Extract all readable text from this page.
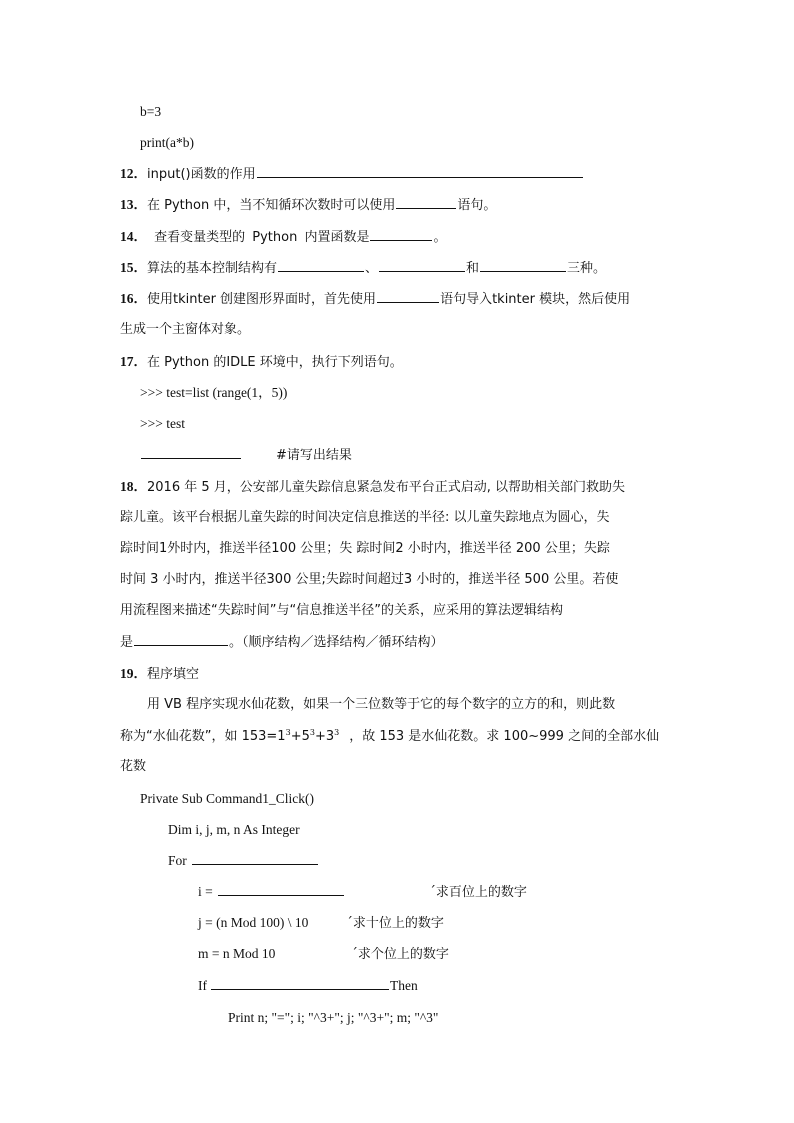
b=3
print(a*b)
12．input()函数的作用
13．在 Python 中，当不知循环次数时可以使用	语句。
14． 查看变量类型的 Python 内置函数是	。
15．算法的基本控制结构有	、	和	三种。
16．使用tkinter 创建图形界面时，首先使用	语句导入tkinter 模块，然后使用
生成一个主窗体对象。
17．在 Python 的IDLE 环境中，执行下列语句。
>>> test=list (range(1，5))
>>> test
#请写出结果
18．2016 年 5 月，公安部儿童失踪信息紧急发布平台正式启动, 以帮助相关部门救助失
踪儿童。该平台根据儿童失踪的时间决定信息推送的半径: 以儿童失踪地点为圆心，失
踪时间1外时内，推送半径100 公里；失 踪时间2 小时内，推送半径 200 公里；失踪
时间 3 小时内，推送半径300 公里;失踪时间超过3 小时的，推送半径 500 公里。若使
用流程图来描述“失踪时间”与“信息推送半径”的关系，应采用的算法逻辑结构
是	。（顺序结构／选择结构／循环结构）
19．程序填空
用 VB 程序实现水仙花数，如果一个三位数等于它的每个数字的立方的和，则此数
称为“水仙花数”，如 $153=1^3+5^3+3^3$ ，故 153 是水仙花数。求 100~999 之间的全部水仙
花数
Private Sub Command1_Click()
Dim i, j, m, n As Integer
For
i =	´求百位上的数字
j = (n Mod 100) \ 10	´求十位上的数字
m = n Mod 10	´求个位上的数字
If	Then
Print n; "="; i; "^3+"; j; "^3+"; m; "^3"
